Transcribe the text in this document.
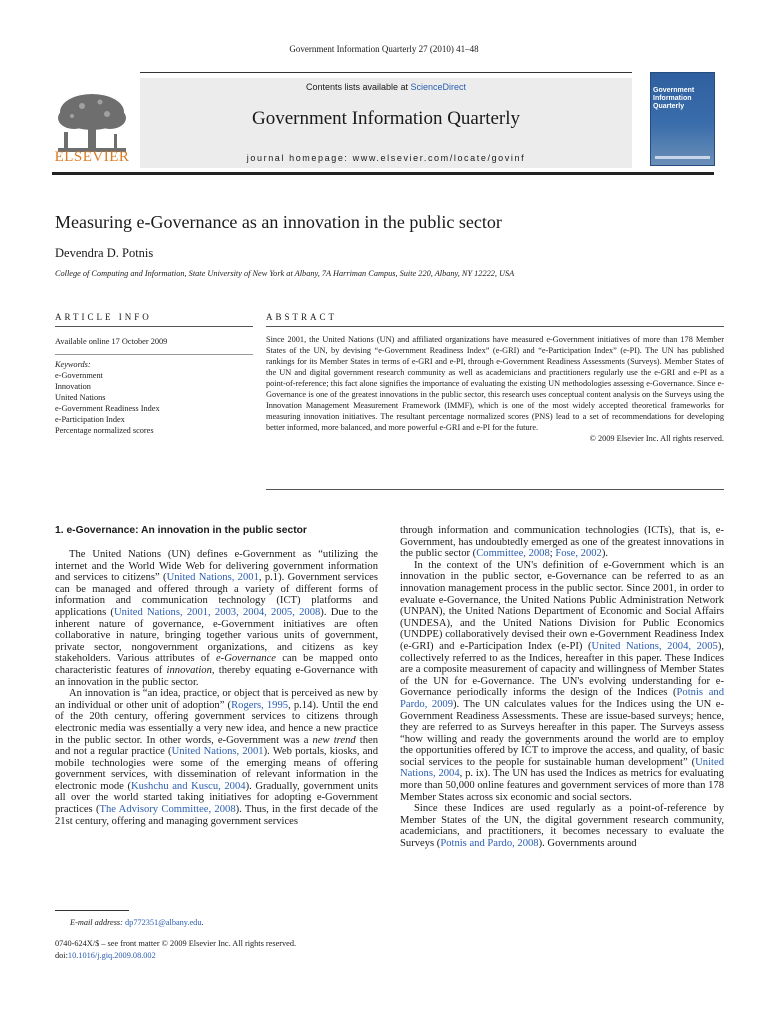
Government Information Quarterly 27 (2010) 41–48
ELSEVIER
Contents lists available at ScienceDirect
Government Information Quarterly
journal homepage: www.elsevier.com/locate/govinf
Government Information Quarterly
Measuring e-Governance as an innovation in the public sector
Devendra D. Potnis
College of Computing and Information, State University of New York at Albany, 7A Harriman Campus, Suite 220, Albany, NY 12222, USA
ARTICLE INFO	ABSTRACT
Available online 17 October 2009
Keywords:
e-Government
Innovation
United Nations
e-Government Readiness Index
e-Participation Index
Percentage normalized scores
Since 2001, the United Nations (UN) and affiliated organizations have measured e-Government initiatives of more than 178 Member States of the UN, by devising “e-Government Readiness Index” (e-GRI) and “e-Participation Index” (e-PI). The UN has published rankings for its Member States in terms of e-GRI and e-PI, through e-Government Readiness Assessments (Surveys). Member States of the UN and digital government research community as well as academicians and practitioners regularly use the e-GRI and e-PI as a point-of-reference; this fact alone signifies the importance of evaluating the existing UN methodologies assessing e-Governance. Since e-Governance is one of the greatest innovations in the public sector, this research uses conceptual content analysis on the Surveys using the Innovation Management Measurement Framework (IMMF), which is one of the most widely accepted theoretical frameworks for measuring innovation initiatives. The resultant percentage normalized scores (PNS) lead to a set of recommendations for developing better informed, more balanced, and more powerful e-GRI and e-PI for the future.
© 2009 Elsevier Inc. All rights reserved.
1. e-Governance: An innovation in the public sector

The United Nations (UN) defines e-Government as “utilizing the internet and the World Wide Web for delivering government information and services to citizens” (United Nations, 2001, p.1). Government services can be managed and offered through a variety of different forms of information and communication technology (ICT) platforms and applications (United Nations, 2001, 2003, 2004, 2005, 2008). Due to the inherent nature of governance, e-Government initiatives are often collaborative in nature, bringing together various units of government, private sector, nongovernment organizations, and citizens as key stakeholders. Various attributes of e-Governance can be mapped onto characteristic features of innovation, thereby equating e-Governance with an innovation in the public sector.

An innovation is “an idea, practice, or object that is perceived as new by an individual or other unit of adoption” (Rogers, 1995, p.14). Until the end of the 20th century, offering government services to citizens through electronic media was essentially a very new idea, and hence a new practice in the public sector. In other words, e-Government was a new trend then and not a regular practice (United Nations, 2001). Web portals, kiosks, and mobile technologies were some of the emerging means of offering government services, with dissemination of relevant information in the electronic mode (Kushchu and Kuscu, 2004). Gradually, government units all over the world started taking initiatives for adopting e-Government practices (The Advisory Committee, 2008). Thus, in the first decade of the 21st century, offering and managing government services

through information and communication technologies (ICTs), that is, e-Government, has undoubtedly emerged as one of the greatest innovations in the public sector (Committee, 2008; Fose, 2002).

In the context of the UN's definition of e-Government which is an innovation in the public sector, e-Governance can be referred to as an innovation management process in the public sector. Since 2001, in order to evaluate e-Governance, the United Nations Public Administration Network (UNPAN), the United Nations Department of Economic and Social Affairs (UNDESA), and the United Nations Division for Public Economics (UNDPE) collaboratively devised their own e-Government Readiness Index (e-GRI) and e-Participation Index (e-PI) (United Nations, 2004, 2005), collectively referred to as the Indices, hereafter in this paper. These Indices are a composite measurement of capacity and willingness of Member States of the UN for e-Governance. The UN's evolving understanding for e-Governance periodically informs the design of the Indices (Potnis and Pardo, 2009). The UN calculates values for the Indices using the UN e-Government Readiness Assessments. These are issue-based surveys; hence, they are referred to as Surveys hereafter in this paper. The Surveys assess “how willing and ready the governments around the world are to employ the opportunities offered by ICT to improve the access, and quality, of basic social services to the people for sustainable human development” (United Nations, 2004, p. ix). The UN has used the Indices as metrics for evaluating more than 50,000 online features and government services of more than 178 Member States across six economic and social sectors.

Since these Indices are used regularly as a point-of-reference by Member States of the UN, the digital government research community, academicians, and practitioners, it becomes necessary to evaluate the Surveys (Potnis and Pardo, 2008). Governments around

E-mail address: dp772351@albany.edu.
0740-624X/$ – see front matter © 2009 Elsevier Inc. All rights reserved.
doi:10.1016/j.giq.2009.08.002
